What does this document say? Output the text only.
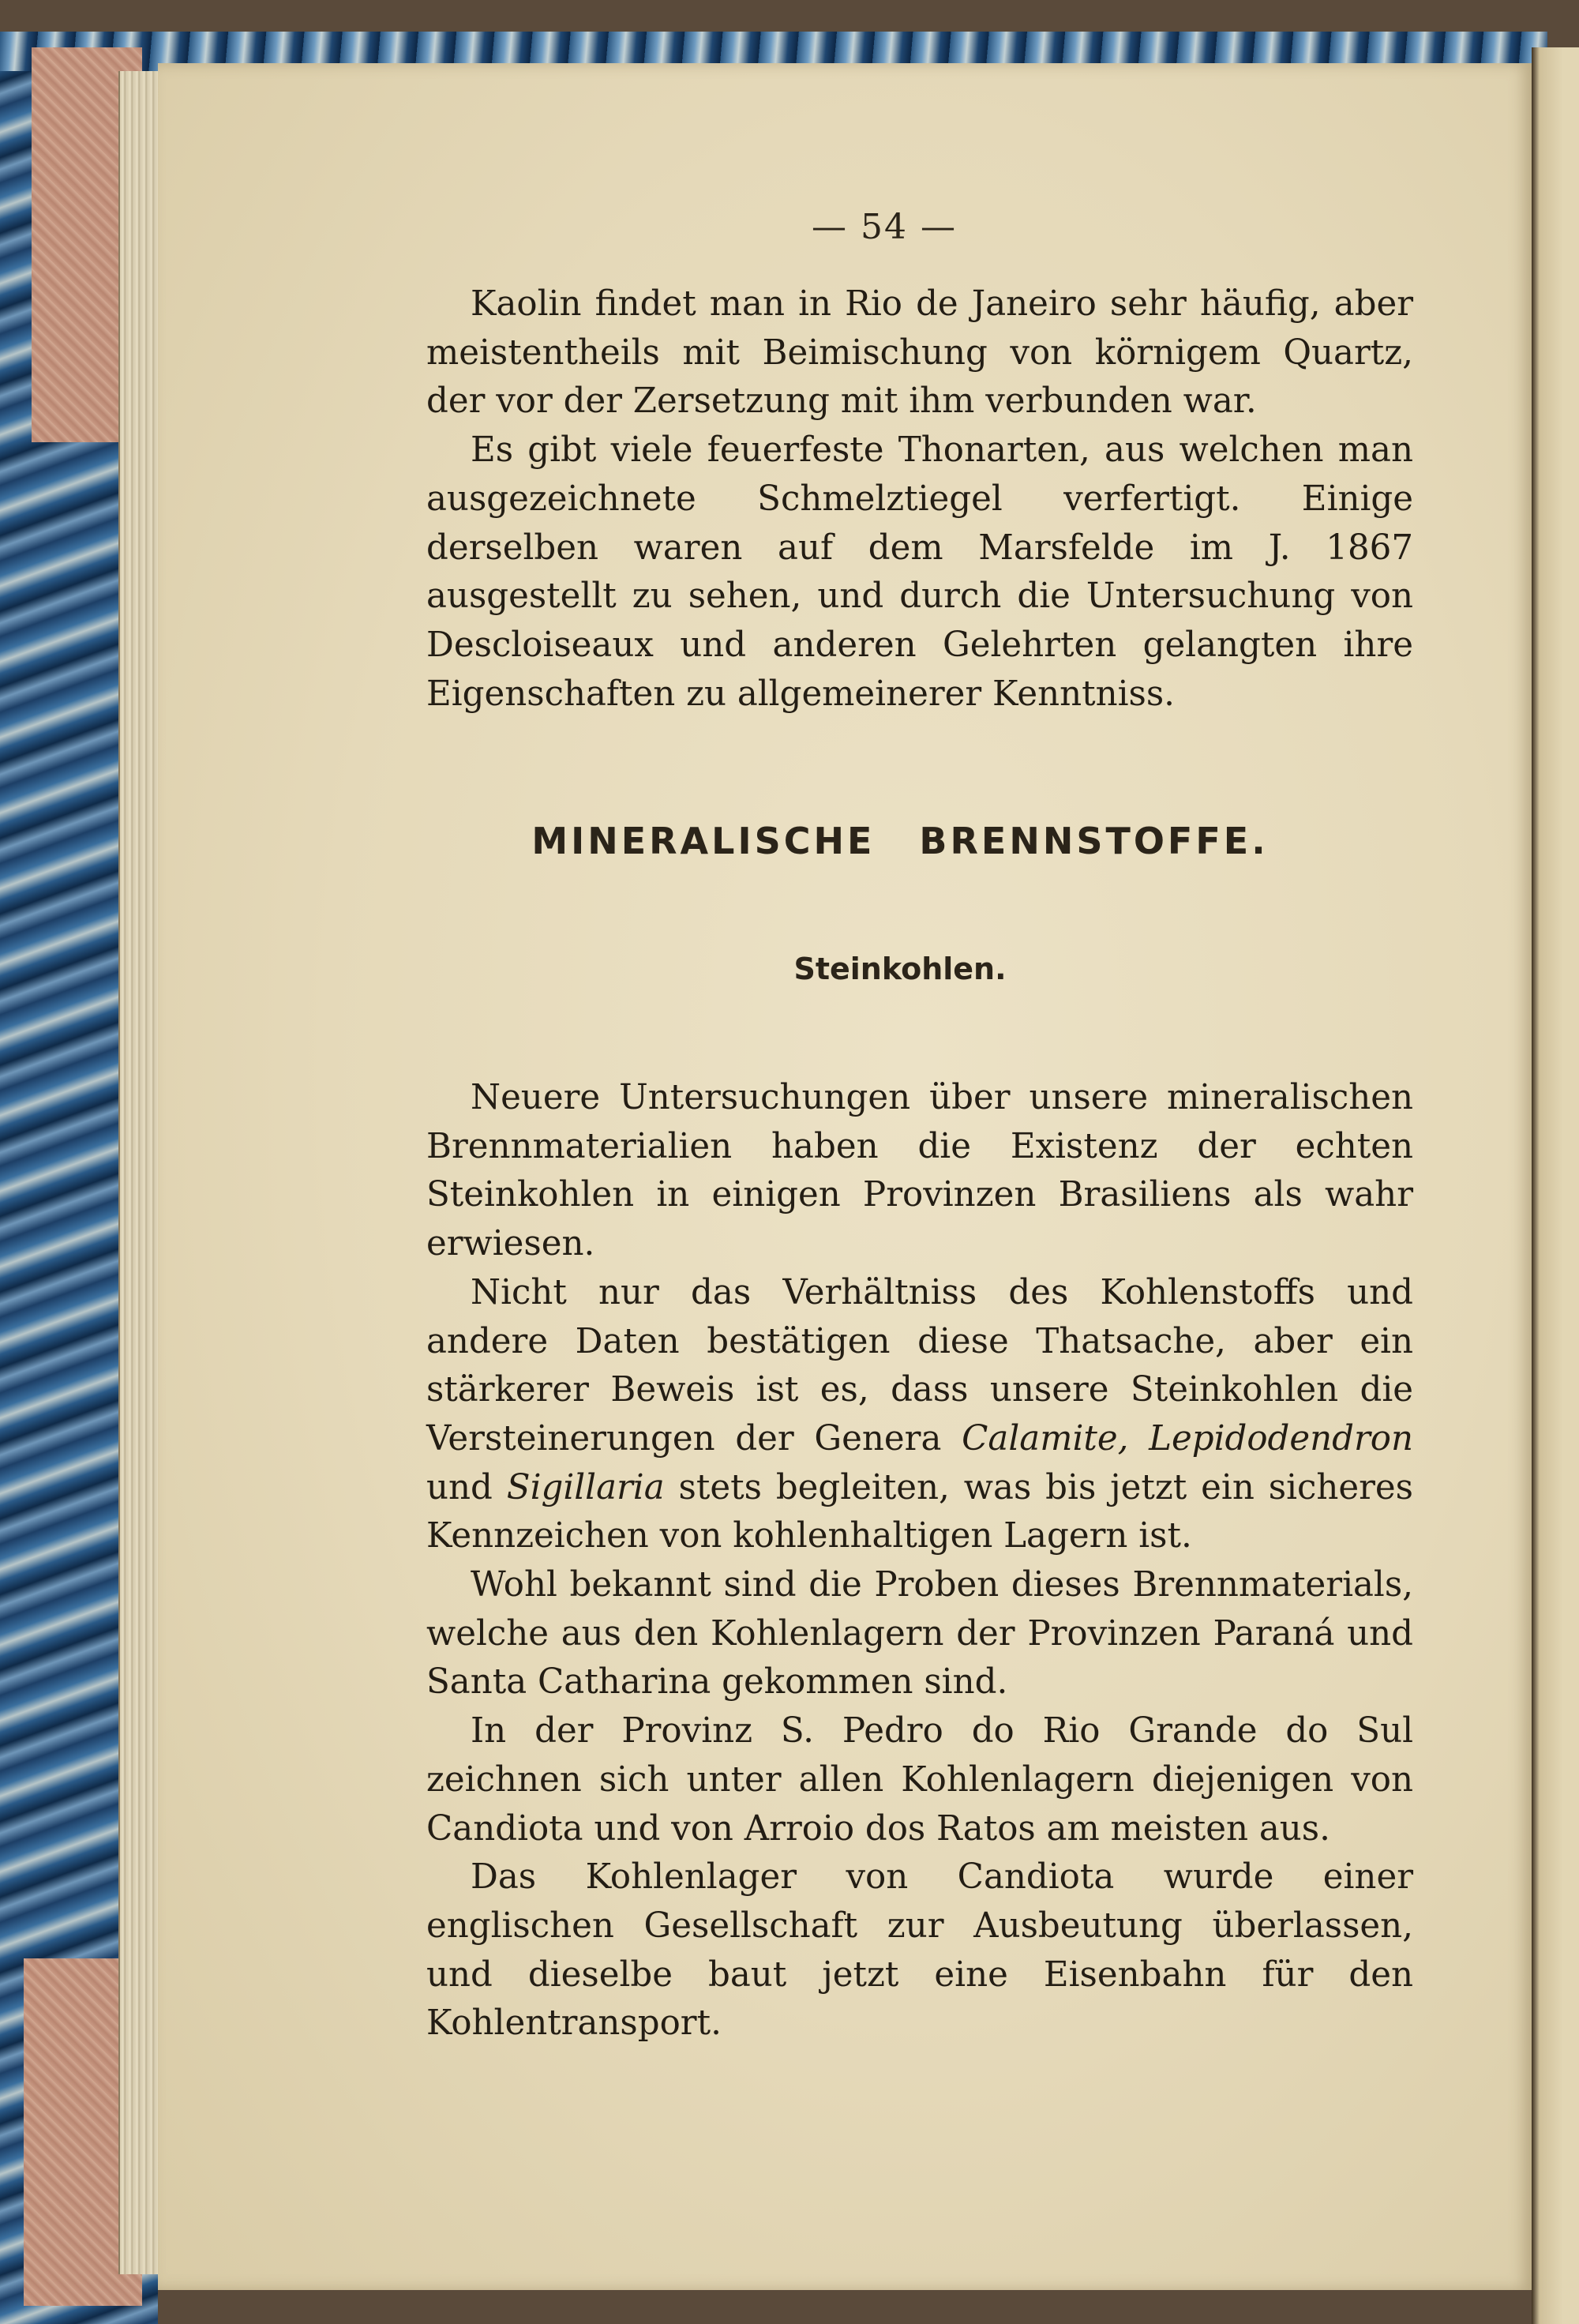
— 54 —

Kaolin findet man in Rio de Janeiro sehr häufig, aber meistentheils mit Beimischung von körnigem Quartz, der vor der Zersetzung mit ihm verbunden war.

Es gibt viele feuerfeste Thonarten, aus welchen man ausgezeichnete Schmelztiegel verfertigt. Einige derselben waren auf dem Marsfelde im J. 1867 ausgestellt zu sehen, und durch die Untersuchung von Descloiseaux und anderen Gelehrten gelangten ihre Eigenschaften zu allgemeinerer Kenntniss.

MINERALISCHE BRENNSTOFFE.
Steinkohlen.

Neuere Untersuchungen über unsere mineralischen Brennmaterialien haben die Existenz der echten Steinkohlen in einigen Provinzen Brasiliens als wahr erwiesen.

Nicht nur das Verhältniss des Kohlenstoffs und andere Daten bestätigen diese Thatsache, aber ein stärkerer Beweis ist es, dass unsere Steinkohlen die Versteinerungen der Genera Calamite, Lepidodendron und Sigillaria stets begleiten, was bis jetzt ein sicheres Kennzeichen von kohlenhaltigen Lagern ist.

Wohl bekannt sind die Proben dieses Brennmaterials, welche aus den Kohlenlagern der Provinzen Paraná und Santa Catharina gekommen sind.

In der Provinz S. Pedro do Rio Grande do Sul zeichnen sich unter allen Kohlenlagern diejenigen von Candiota und von Arroio dos Ratos am meisten aus.

Das Kohlenlager von Candiota wurde einer englischen Gesellschaft zur Ausbeutung überlassen, und dieselbe baut jetzt eine Eisenbahn für den Kohlentransport.
